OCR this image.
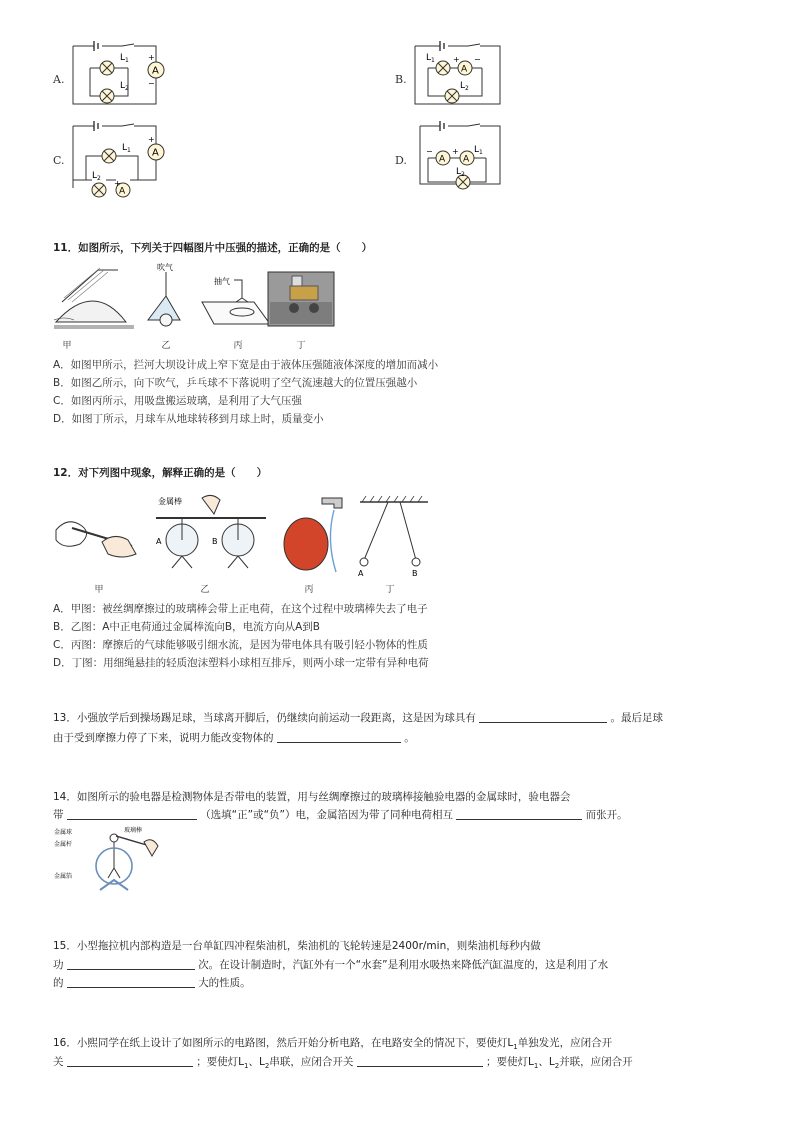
A.	B.
C.	D.
A
$L_1$
$L_2$
+
−
A
$L_1$
$L_2$
+ −
A
A
$L_1$
$L_2$
+
+
A A
$L_1$
$L_2$
− +
11．如图所示，下列关于四幅图片中压强的描述，正确的是（　　）
吹气
抽气
甲	乙	丙	丁
A．如图甲所示，拦河大坝设计成上窄下宽是由于液体压强随液体深度的增加而减小
B．如图乙所示，向下吹气，乒乓球不下落说明了空气流速越大的位置压强越小
C．如图丙所示，用吸盘搬运玻璃，是利用了大气压强
D．如图丁所示，月球车从地球转移到月球上时，质量变小
12．对下列图中现象，解释正确的是（　　）
金属棒
A	B
A	B
甲	乙	丙	丁
A．甲图：被丝绸摩擦过的玻璃棒会带上正电荷，在这个过程中玻璃棒失去了电子
B．乙图：A中正电荷通过金属棒流向B，电流方向从A到B
C．丙图：摩擦后的气球能够吸引细水流，是因为带电体具有吸引轻小物体的性质
D．丁图：用细绳悬挂的轻质泡沫塑料小球相互排斥，则两小球一定带有异种电荷
13．小强放学后到操场踢足球，当球离开脚后，仍继续向前运动一段距离，这是因为球具有	。最后足球
由于受到摩擦力停了下来，说明力能改变物体的	。
14．如图所示的验电器是检测物体是否带电的装置，用与丝绸摩擦过的玻璃棒接触验电器的金属球时，验电器会
带	（选填“正”或“负”）电，金属箔因为带了同种电荷相互	而张开。
金属球	玻璃棒
金属杆
金属箔
15．小型拖拉机内部构造是一台单缸四冲程柴油机，柴油机的飞轮转速是2400r/min，则柴油机每秒内做
功	次。在设计制造时，汽缸外有一个“水套”是利用水吸热来降低汽缸温度的，这是利用了水
的	大的性质。
16．小熙同学在纸上设计了如图所示的电路图，然后开始分析电路，在电路安全的情况下，要使灯$L_1$单独发光，应闭合开
关	；要使灯$L_1$、$L_2$串联，应闭合开关	；要使灯$L_1$、$L_2$并联，应闭合开
